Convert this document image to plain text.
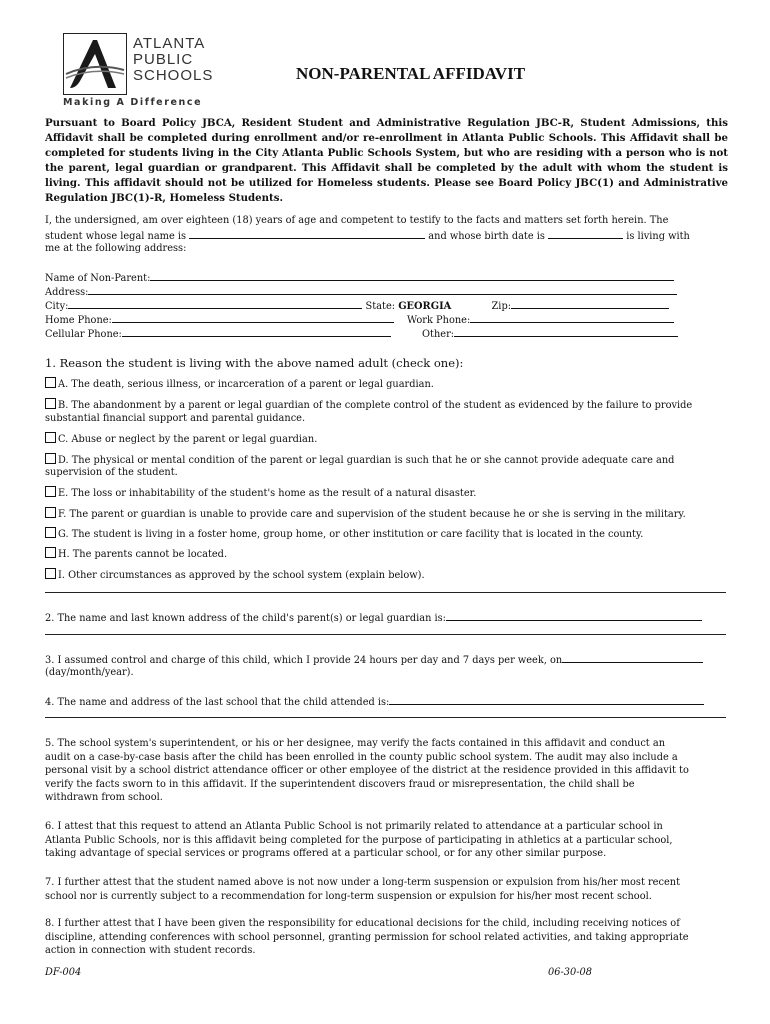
ATLANTA
PUBLIC
SCHOOLS
Making A Difference
NON-PARENTAL AFFIDAVIT
Pursuant to Board Policy JBCA, Resident Student and Administrative Regulation JBC-R, Student Admissions, this Affidavit shall be completed during enrollment and/or re-enrollment in Atlanta Public Schools. This Affidavit shall be completed for students living in the City Atlanta Public Schools System, but who are residing with a person who is not the parent, legal guardian or grandparent. This Affidavit shall be completed by the adult with whom the student is living. This affidavit should not be utilized for Homeless students. Please see Board Policy JBC(1) and Administrative Regulation JBC(1)-R, Homeless Students.
I, the undersigned, am over eighteen (18) years of age and competent to testify to the facts and matters set forth herein. The
student whose legal name is	and whose birth date is	is living with
me at the following address:
Name of Non-Parent:
Address:
City:	State: GEORGIA	Zip:
Home Phone:	Work Phone:
Cellular Phone:	Other:
1. Reason the student is living with the above named adult (check one):
A. The death, serious illness, or incarceration of a parent or legal guardian.
B. The abandonment by a parent or legal guardian of the complete control of the student as evidenced by the failure to provide
substantial financial support and parental guidance.
C. Abuse or neglect by the parent or legal guardian.
D. The physical or mental condition of the parent or legal guardian is such that he or she cannot provide adequate care and
supervision of the student.
E. The loss or inhabitability of the student's home as the result of a natural disaster.
F. The parent or guardian is unable to provide care and supervision of the student because he or she is serving in the military.
G. The student is living in a foster home, group home, or other institution or care facility that is located in the county.
H. The parents cannot be located.
I. Other circumstances as approved by the school system (explain below).
2. The name and last known address of the child's parent(s) or legal guardian is:
3. I assumed control and charge of this child, which I provide 24 hours per day and 7 days per week, on
(day/month/year).
4. The name and address of the last school that the child attended is:
5. The school system's superintendent, or his or her designee, may verify the facts contained in this affidavit and conduct an
audit on a case-by-case basis after the child has been enrolled in the county public school system. The audit may also include a
personal visit by a school district attendance officer or other employee of the district at the residence provided in this affidavit to
verify the facts sworn to in this affidavit. If the superintendent discovers fraud or misrepresentation, the child shall be
withdrawn from school.
6. I attest that this request to attend an Atlanta Public School is not primarily related to attendance at a particular school in
Atlanta Public Schools, nor is this affidavit being completed for the purpose of participating in athletics at a particular school,
taking advantage of special services or programs offered at a particular school, or for any other similar purpose.
7. I further attest that the student named above is not now under a long-term suspension or expulsion from his/her most recent
school nor is currently subject to a recommendation for long-term suspension or expulsion for his/her most recent school.
8. I further attest that I have been given the responsibility for educational decisions for the child, including receiving notices of
discipline, attending conferences with school personnel, granting permission for school related activities, and taking appropriate
action in connection with student records.
DF-004	06-30-08
